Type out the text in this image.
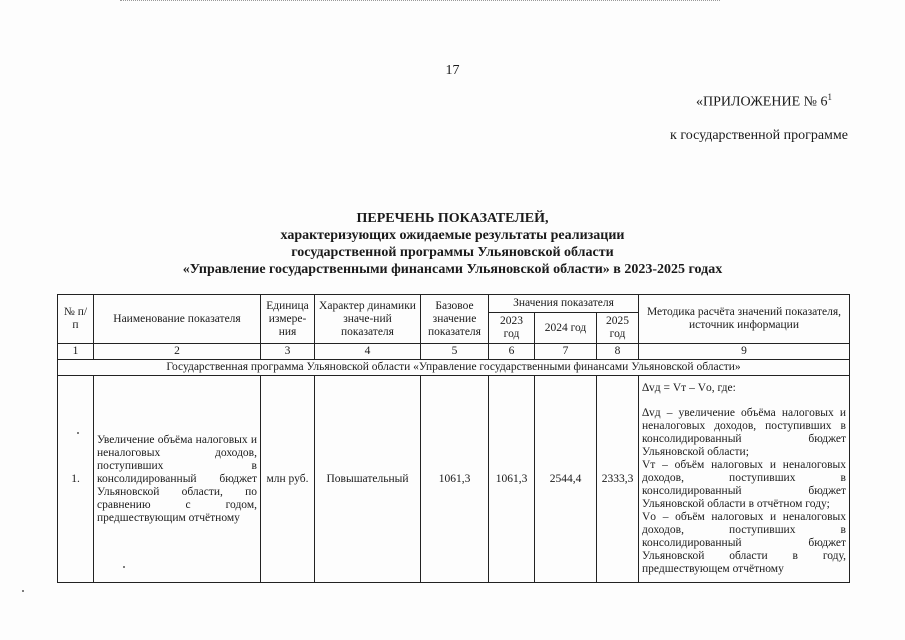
17
«ПРИЛОЖЕНИЕ № $6^1$
к государственной программе
ПЕРЕЧЕНЬ ПОКАЗАТЕЛЕЙ,
характеризующих ожидаемые результаты реализации
государственной программы Ульяновской области
«Управление государственными финансами Ульяновской области» в 2023-2025 годах
№ п/п	Наименование показателя	Единица измере-ния	Характер динамики значе-ний показателя	Базовое значение показателя	Значения показателя			Методика расчёта значений показателя, источник информации
					2023 год	2024 год	2025 год	
1	2	3	4	5	6	7	8	9
Государственная программа Ульяновской области «Управление государственными финансами Ульяновской области»								
1.	Увеличение объёма налоговых и неналоговых доходов, поступивших в консолидированный бюджет Ульяновской области, по сравнению с годом, предшествующим отчётному	млн руб.	Повышательный	1061,3	1061,3	2544,4	2333,3	∆vд = Vт – Vо, где:

∆vд – увеличение объёма налоговых и неналоговых доходов, поступивших в консолидированный бюджет Ульяновской области;

Vт – объём налоговых и неналоговых доходов, поступивших в консолидированный бюджет Ульяновской области в отчётном году;

Vо – объём налоговых и неналоговых доходов, поступивших в консолидированный бюджет Ульяновской области в году, предшествующем отчётному
